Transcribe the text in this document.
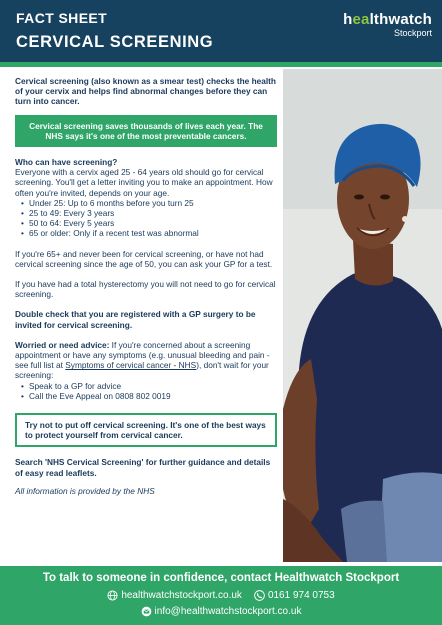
FACT SHEET
CERVICAL SCREENING
healthwatch
Stockport

Cervical screening (also known as a smear test) checks the health of your cervix and helps find abnormal changes before they can turn into cancer.

Cervical screening saves thousands of lives each year. The NHS says it's one of the most preventable cancers.

Who can have screening?

Everyone with a cervix aged 25 - 64 years old should go for cervical screening. You'll get a letter inviting you to make an appointment. How often you're invited, depends on your age.

• Under 25: Up to 6 months before you turn 25
• 25 to 49: Every 3 years
• 50 to 64: Every 5 years
• 65 or older: Only if a recent test was abnormal

If you're 65+ and never been for cervical screening, or have not had cervical screening since the age of 50, you can ask your GP for a test.

If you have had a total hysterectomy you will not need to go for cervical screening.

Double check that you are registered with a GP surgery to be invited for cervical screening.

Worried or need advice: If you're concerned about a screening appointment or have any symptoms (e.g. unusual bleeding and pain - see full list at Symptoms of cervical cancer - NHS), don't wait for your screening:

• Speak to a GP for advice
• Call the Eve Appeal on 0808 802 0019
Try not to put off cervical screening. It's one of the best ways to protect yourself from cervical cancer.

Search 'NHS Cervical Screening' for further guidance and details of easy read leaflets.

All information is provided by the NHS

To talk to someone in confidence, contact Healthwatch Stockport
healthwatchstockport.co.uk	0161 974 0753
info@healthwatchstockport.co.uk
